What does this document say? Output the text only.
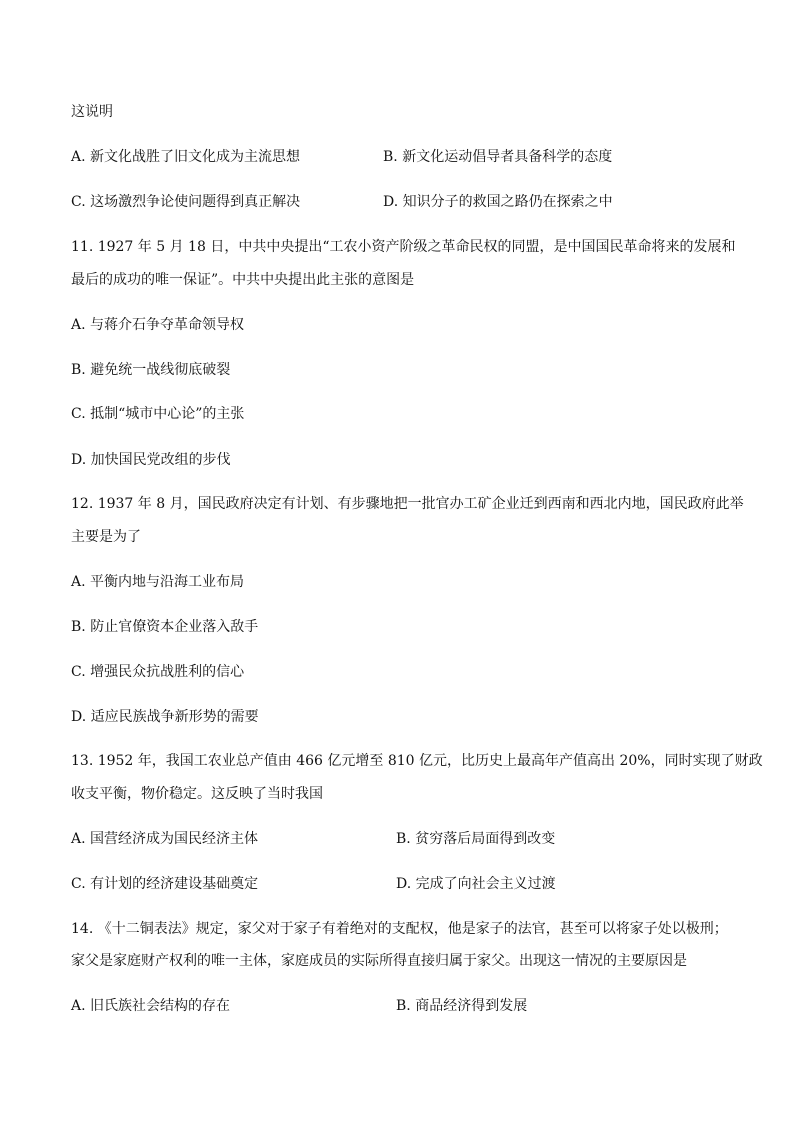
这说明
A. 新文化战胜了旧文化成为主流思想	B. 新文化运动倡导者具备科学的态度
C. 这场激烈争论使问题得到真正解决	D. 知识分子的救国之路仍在探索之中
11. 1927 年 5 月 18 日，中共中央提出“工农小资产阶级之革命民权的同盟，是中国国民革命将来的发展和
最后的成功的唯一保证”。中共中央提出此主张的意图是
A. 与蒋介石争夺革命领导权
B. 避免统一战线彻底破裂
C. 抵制“城市中心论”的主张
D. 加快国民党改组的步伐
12. 1937 年 8 月，国民政府决定有计划、有步骤地把一批官办工矿企业迁到西南和西北内地，国民政府此举
主要是为了
A. 平衡内地与沿海工业布局
B. 防止官僚资本企业落入敌手
C. 增强民众抗战胜利的信心
D. 适应民族战争新形势的需要
13. 1952 年，我国工农业总产值由 466 亿元增至 810 亿元，比历史上最高年产值高出 20%，同时实现了财政
收支平衡，物价稳定。这反映了当时我国
A. 国营经济成为国民经济主体	B. 贫穷落后局面得到改变
C. 有计划的经济建设基础奠定	D. 完成了向社会主义过渡
14. 《十二铜表法》规定，家父对于家子有着绝对的支配权，他是家子的法官，甚至可以将家子处以极刑；
家父是家庭财产权利的唯一主体，家庭成员的实际所得直接归属于家父。出现这一情况的主要原因是
A. 旧氏族社会结构的存在	B. 商品经济得到发展
